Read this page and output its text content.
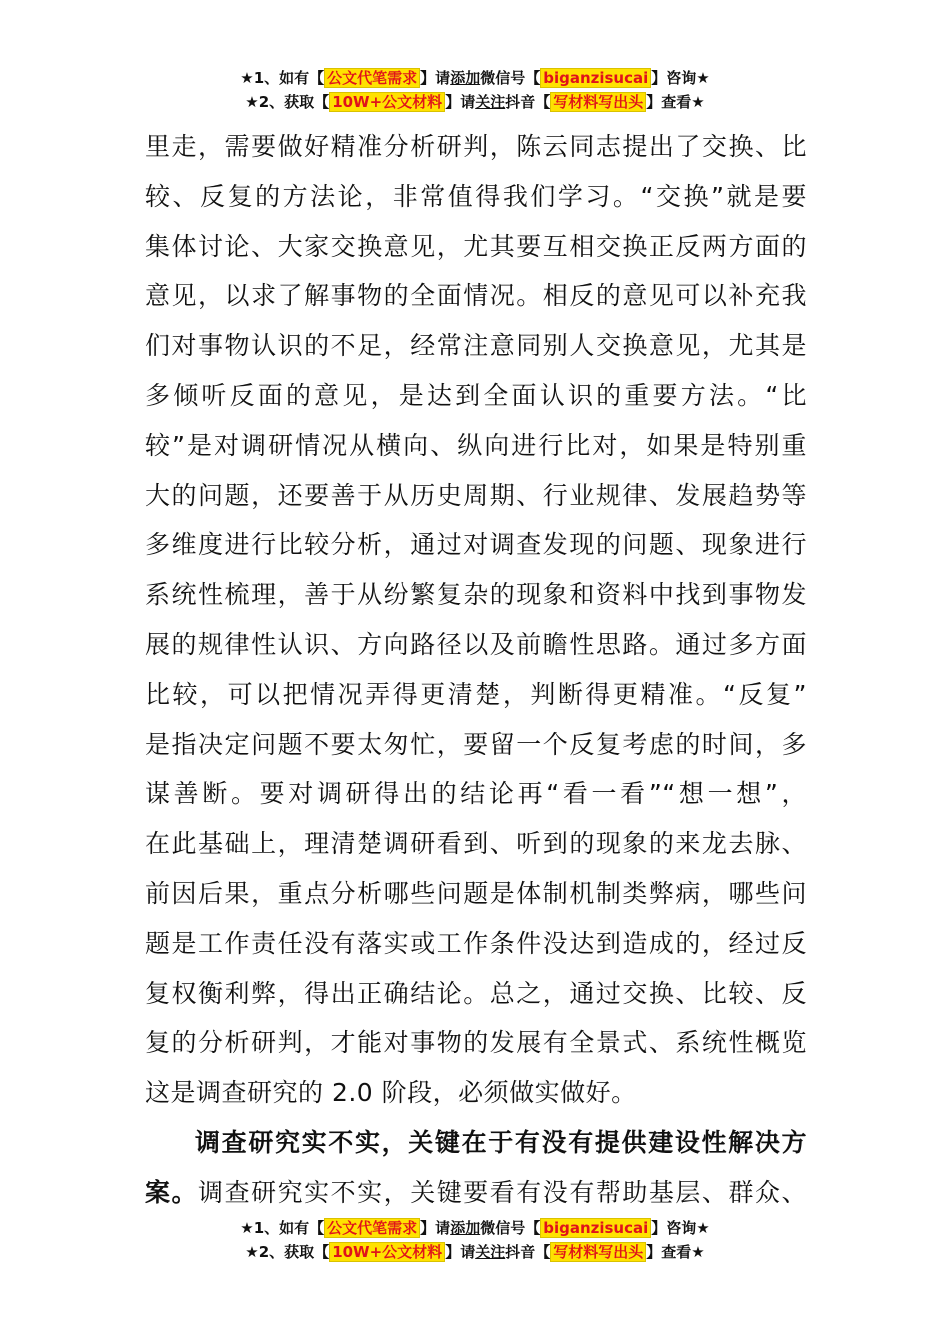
★1、如有【 公文代笔需求 】请添加微信号【 biganzisucai 】咨询★
★2、获取【 10W+公文材料 】请关注抖音【 写材料写出头 】查看★
里走，需要做好精准分析研判，陈云同志提出了交换、比
较、反复的方法论，非常值得我们学习。“交换”就是要
集体讨论、大家交换意见，尤其要互相交换正反两方面的
意见，以求了解事物的全面情况。相反的意见可以补充我
们对事物认识的不足，经常注意同别人交换意见，尤其是
多倾听反面的意见，是达到全面认识的重要方法。“比
较”是对调研情况从横向、纵向进行比对，如果是特别重
大的问题，还要善于从历史周期、行业规律、发展趋势等
多维度进行比较分析，通过对调查发现的问题、现象进行
系统性梳理，善于从纷繁复杂的现象和资料中找到事物发
展的规律性认识、方向路径以及前瞻性思路。通过多方面
比较，可以把情况弄得更清楚，判断得更精准。“反复”
是指决定问题不要太匆忙，要留一个反复考虑的时间，多
谋善断。要对调研得出的结论再“看一看”“想一想”，
在此基础上，理清楚调研看到、听到的现象的来龙去脉、
前因后果，重点分析哪些问题是体制机制类弊病，哪些问
题是工作责任没有落实或工作条件没达到造成的，经过反
复权衡利弊，得出正确结论。总之，通过交换、比较、反
复的分析研判，才能对事物的发展有全景式、系统性概览
这是调查研究的 2.0 阶段，必须做实做好。
调查研究实不实，关键在于有没有提供建设性解决方
案。调查研究实不实，关键要看有没有帮助基层、群众、
★1、如有【 公文代笔需求 】请添加微信号【 biganzisucai 】咨询★
★2、获取【 10W+公文材料 】请关注抖音【 写材料写出头 】查看★
